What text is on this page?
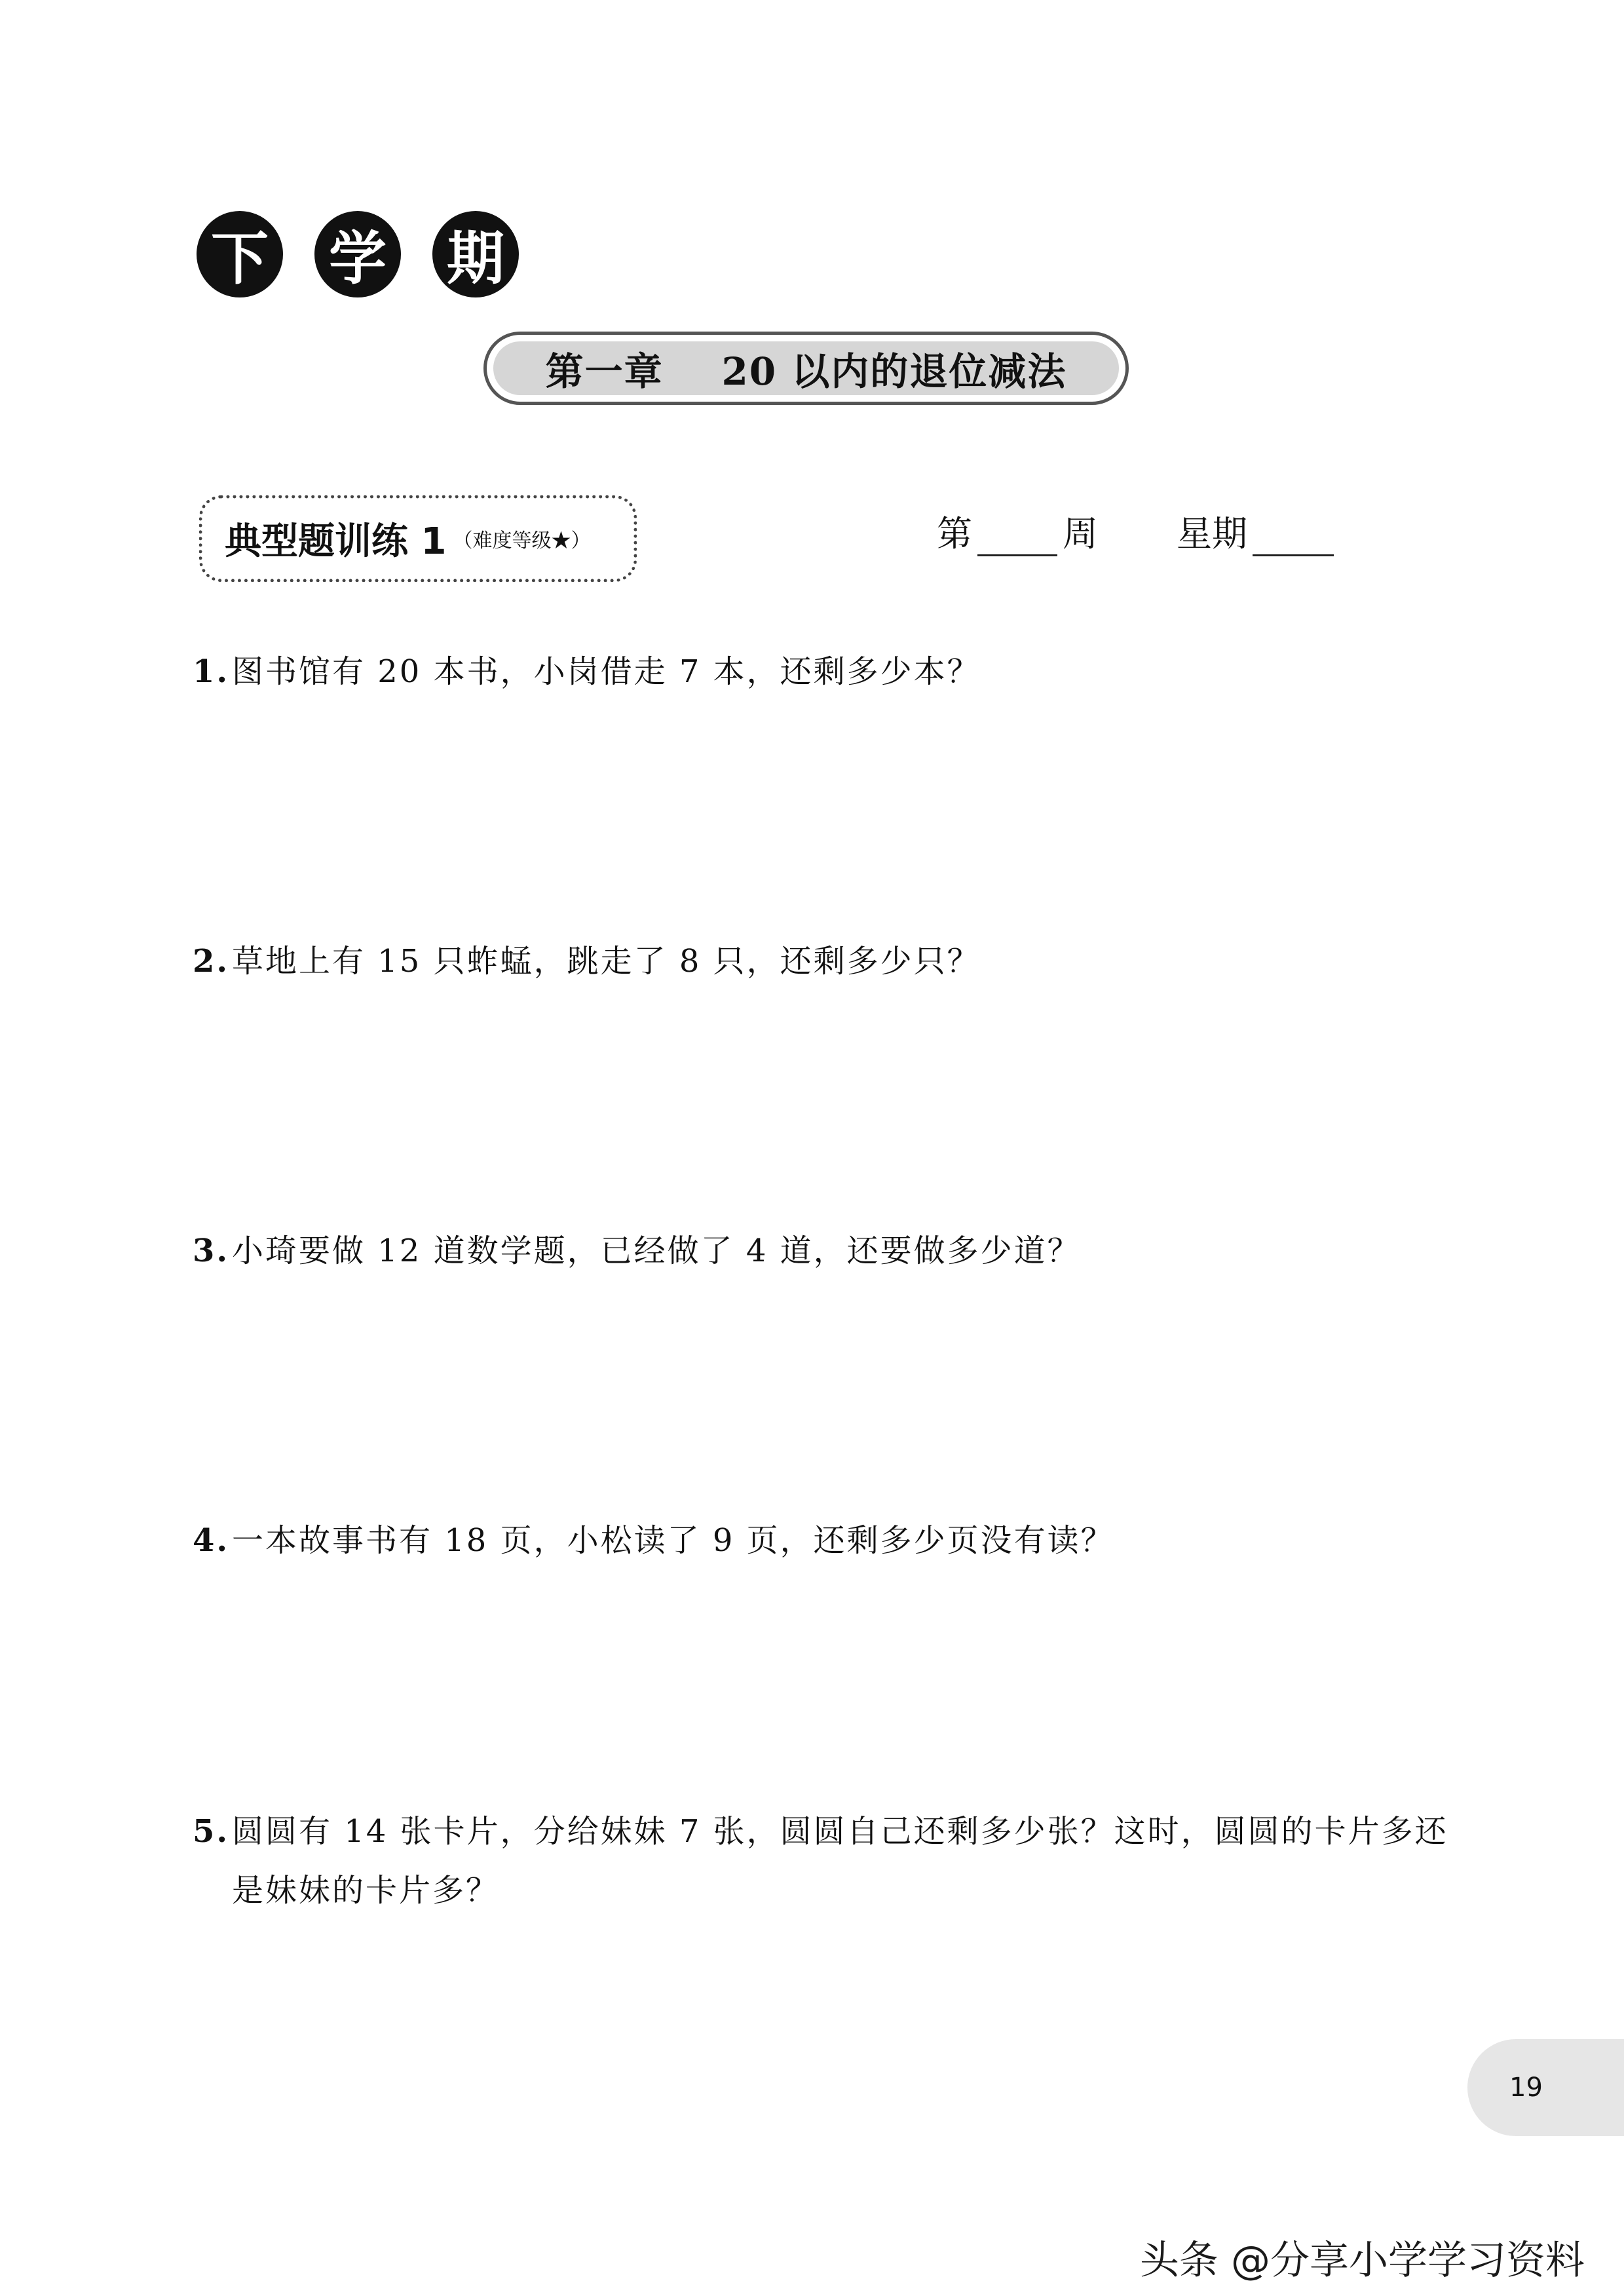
下 学 期
第一章
20 以内的退位减法
典型题训练 1 （难度等级★）	第	周 星期
1.图书馆有 20 本书，小岗借走 7 本，还剩多少本？
2.草地上有 15 只蚱蜢，跳走了 8 只，还剩多少只？
3.小琦要做 12 道数学题，已经做了 4 道，还要做多少道？
4.一本故事书有 18 页，小松读了 9 页，还剩多少页没有读？
5.圆圆有 14 张卡片，分给妹妹 7 张，圆圆自己还剩多少张？这时，圆圆的卡片多还
是妹妹的卡片多？
19
头条 @分享小学学习资料
